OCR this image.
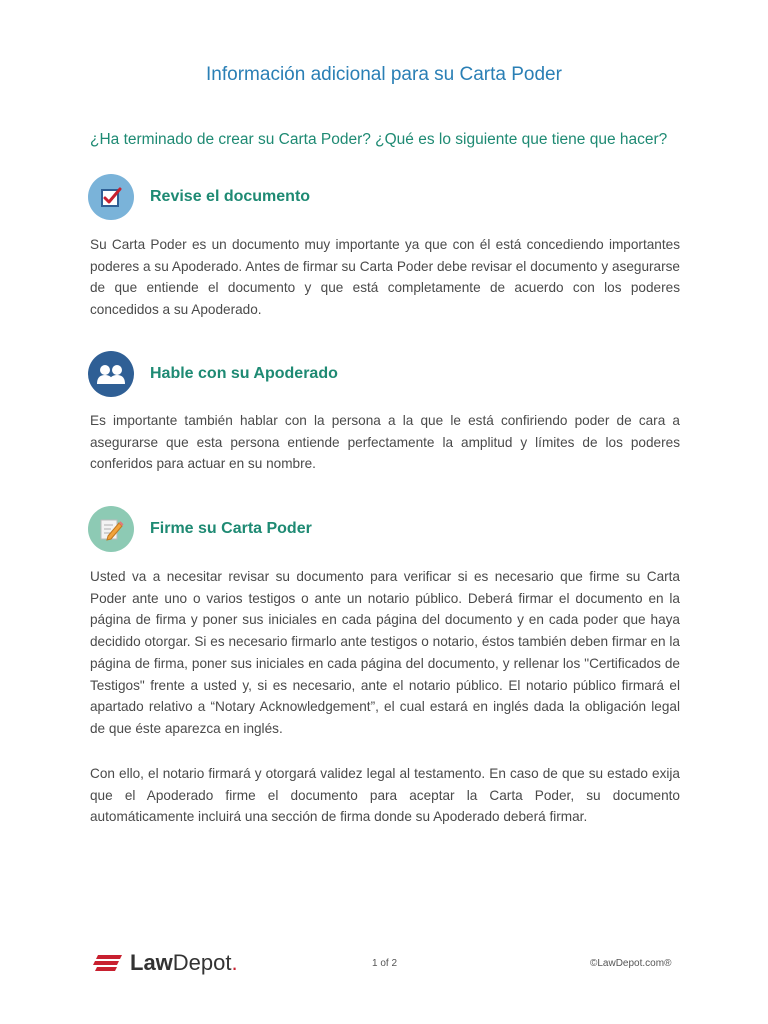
Información adicional para su Carta Poder
¿Ha terminado de crear su Carta Poder? ¿Qué es lo siguiente que tiene que hacer?
Revise el documento

Su Carta Poder es un documento muy importante ya que con él está concediendo importantes poderes a su Apoderado. Antes de firmar su Carta Poder debe revisar el documento y asegurarse de que entiende el documento y que está completamente de acuerdo con los poderes concedidos a su Apoderado.

Hable con su Apoderado

Es importante también hablar con la persona a la que le está confiriendo poder de cara a asegurarse que esta persona entiende perfectamente la amplitud y límites de los poderes conferidos para actuar en su nombre.

Firme su Carta Poder

Usted va a necesitar revisar su documento para verificar si es necesario que firme su Carta Poder ante uno o varios testigos o ante un notario público. Deberá firmar el documento en la página de firma y poner sus iniciales en cada página del documento y en cada poder que haya decidido otorgar. Si es necesario firmarlo ante testigos o notario, éstos también deben firmar en la página de firma, poner sus iniciales en cada página del documento, y rellenar los "Certificados de Testigos" frente a usted y, si es necesario, ante el notario público. El notario público firmará el apartado relativo a “Notary Acknowledgement”, el cual estará en inglés dada la obligación legal de que éste aparezca en inglés.

Con ello, el notario firmará y otorgará validez legal al testamento. En caso de que su estado exija que el Apoderado firme el documento para aceptar la Carta Poder, su documento automáticamente incluirá una sección de firma donde su Apoderado deberá firmar.

LawDepot.	1 of 2	©LawDepot.com®
